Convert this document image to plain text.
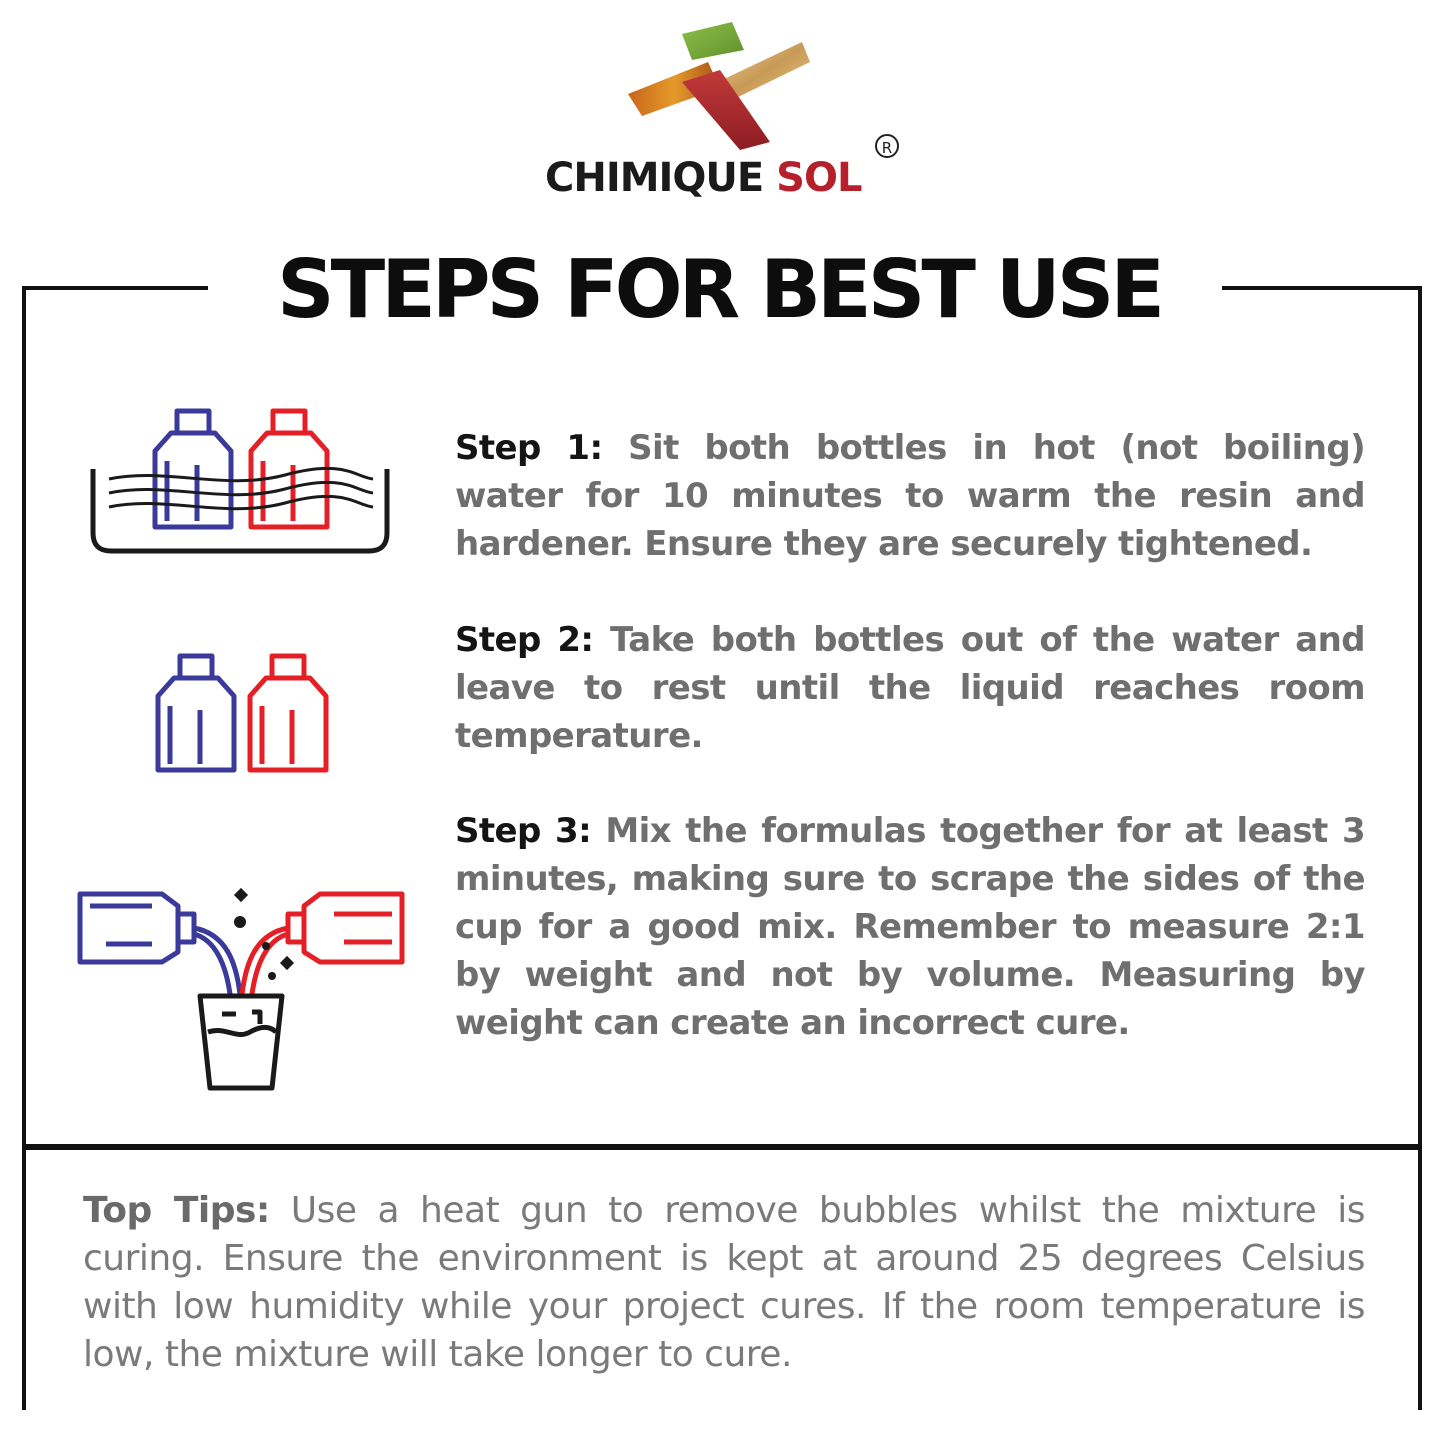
CHIMIQUE SOL
R
STEPS FOR BEST USE
Step 1: Sit both bottles in hot (not boiling) water for 10 minutes to warm the resin and hardener. Ensure they are securely tightened.
Step 2: Take both bottles out of the water and leave to rest until the liquid reaches room temperature.
Step 3: Mix the formulas together for at least 3 minutes, making sure to scrape the sides of the cup for a good mix. Remember to measure 2:1 by weight and not by volume. Measuring by weight can create an incorrect cure.
Top Tips: Use a heat gun to remove bubbles whilst the mixture is curing. Ensure the environment is kept at around 25 degrees Celsius with low humidity while your project cures. If the room temperature is low, the mixture will take longer to cure.
